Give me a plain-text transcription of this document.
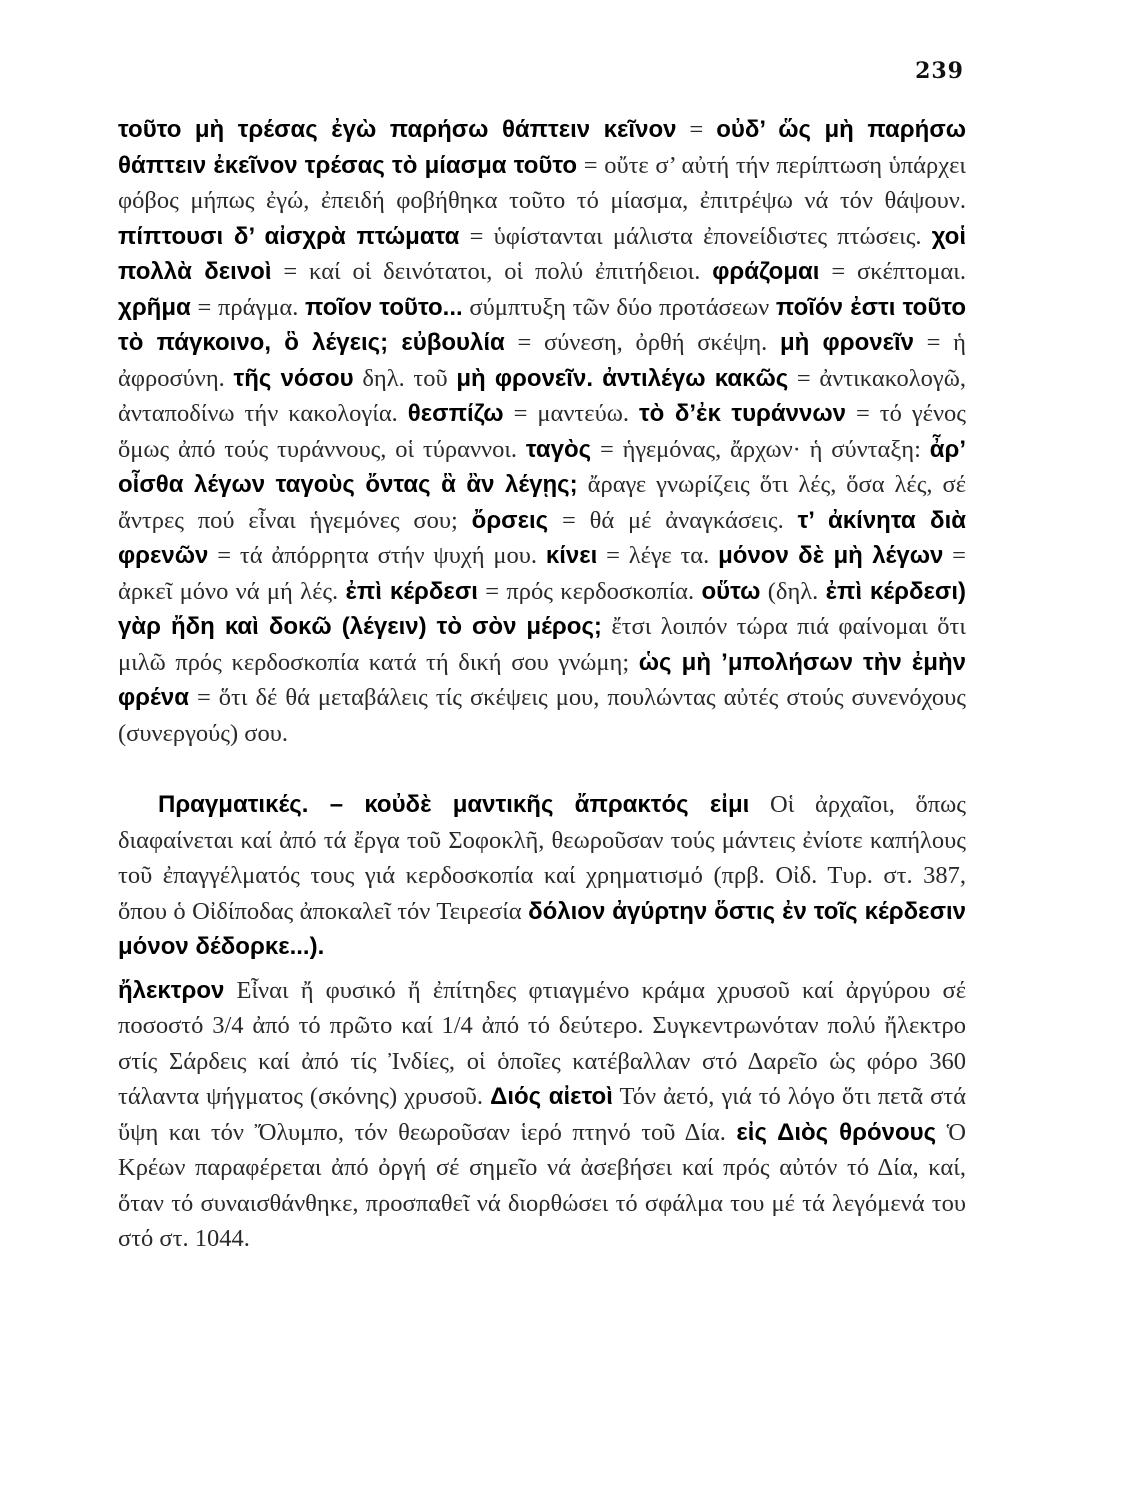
239

τοῦτο μὴ τρέσας ἐγὼ παρήσω θάπτειν κεῖνον = οὐδ’ ὥς μὴ παρήσω θάπτειν ἐκεῖνον τρέσας τὸ μίασμα τοῦτο = οὔτε σ’ αὐτή τήν περίπτωση ὑπάρχει φόβος μήπως ἐγώ, ἐπειδή φοβήθηκα τοῦτο τό μίασμα, ἐπιτρέψω νά τόν θάψουν. πίπτουσι δ’ αἰσχρὰ πτώματα = ὑφίστανται μάλιστα ἐπονείδιστες πτώσεις. χοἱ πολλὰ δεινοὶ = καί οἱ δεινότατοι, οἱ πολύ ἐπιτήδειοι. φράζομαι = σκέπτομαι. χρῆμα = πράγμα. ποῖον τοῦτο... σύμπτυξη τῶν δύο προτάσεων ποῖόν ἐστι τοῦτο τὸ πάγκοινο, ὃ λέγεις; εὐβουλία = σύνεση, ὀρθή σκέψη. μὴ φρονεῖν = ἡ ἀφροσύνη. τῆς νόσου δηλ. τοῦ μὴ φρονεῖν. ἀντιλέγω κακῶς = ἀντικακολογῶ, ἀνταποδίνω τήν κακολογία. θεσπίζω = μαντεύω. τὸ δ’ἐκ τυράννων = τό γένος ὅμως ἀπό τούς τυράννους, οἱ τύραννοι. ταγὸς = ἡγεμόνας, ἄρχων· ἡ σύνταξη: ἆρ’ οἶσθα λέγων ταγοὺς ὄντας ἃ ἂν λέγῃς; ἄραγε γνωρίζεις ὅτι λές, ὅσα λές, σέ ἄντρες πού εἶναι ἡγεμόνες σου; ὄρσεις = θά μέ ἀναγκάσεις. τ’ ἀκίνητα διὰ φρενῶν = τά ἀπόρρητα στήν ψυχή μου. κίνει = λέγε τα. μόνον δὲ μὴ λέγων = ἀρκεῖ μόνο νά μή λές. ἐπὶ κέρδεσι = πρός κερδοσκοπία. οὕτω (δηλ. ἐπὶ κέρδεσι) γὰρ ἤδη καὶ δοκῶ (λέγειν) τὸ σὸν μέρος; ἔτσι λοιπόν τώρα πιά φαίνομαι ὅτι μιλῶ πρός κερδοσκοπία κατά τή δική σου γνώμη; ὡς μὴ ’μπολήσων τὴν ἐμὴν φρένα = ὅτι δέ θά μεταβάλεις τίς σκέψεις μου, πουλώντας αὐτές στούς συνενόχους (συνεργούς) σου.

Πραγματικές. – κοὐδὲ μαντικῆς ἄπρακτός εἰμι Οἱ ἀρχαῖοι, ὅπως διαφαίνεται καί ἀπό τά ἔργα τοῦ Σοφοκλῆ, θεωροῦσαν τούς μάντεις ἐνίοτε καπήλους τοῦ ἐπαγγέλματός τους γιά κερδοσκοπία καί χρηματισμό (πρβ. Οἰδ. Τυρ. στ. 387, ὅπου ὁ Οἰδίποδας ἀποκαλεῖ τόν Τειρεσία δόλιον ἀγύρτην ὅστις ἐν τοῖς κέρδεσιν μόνον δέδορκε...).

ἤλεκτρον Εἶναι ἤ φυσικό ἤ ἐπίτηδες φτιαγμένο κράμα χρυσοῦ καί ἀργύρου σέ ποσοστό 3/4 ἀπό τό πρῶτο καί 1/4 ἀπό τό δεύτερο. Συγκεντρωνόταν πολύ ἤλεκτρο στίς Σάρδεις καί ἀπό τίς Ἰνδίες, οἱ ὁποῖες κατέβαλλαν στό Δαρεῖο ὡς φόρο 360 τάλαντα ψήγματος (σκόνης) χρυσοῦ. Διός αἰετοὶ Τόν ἀετό, γιά τό λόγο ὅτι πετᾶ στά ὕψη και τόν Ὄλυμπο, τόν θεωροῦσαν ἱερό πτηνό τοῦ Δία. εἰς Διὸς θρόνους Ὁ Κρέων παραφέρεται ἀπό ὀργή σέ σημεῖο νά ἀσεβήσει καί πρός αὐτόν τό Δία, καί, ὅταν τό συναισθάνθηκε, προσπαθεῖ νά διορθώσει τό σφάλμα του μέ τά λεγόμενά του στό στ. 1044.
